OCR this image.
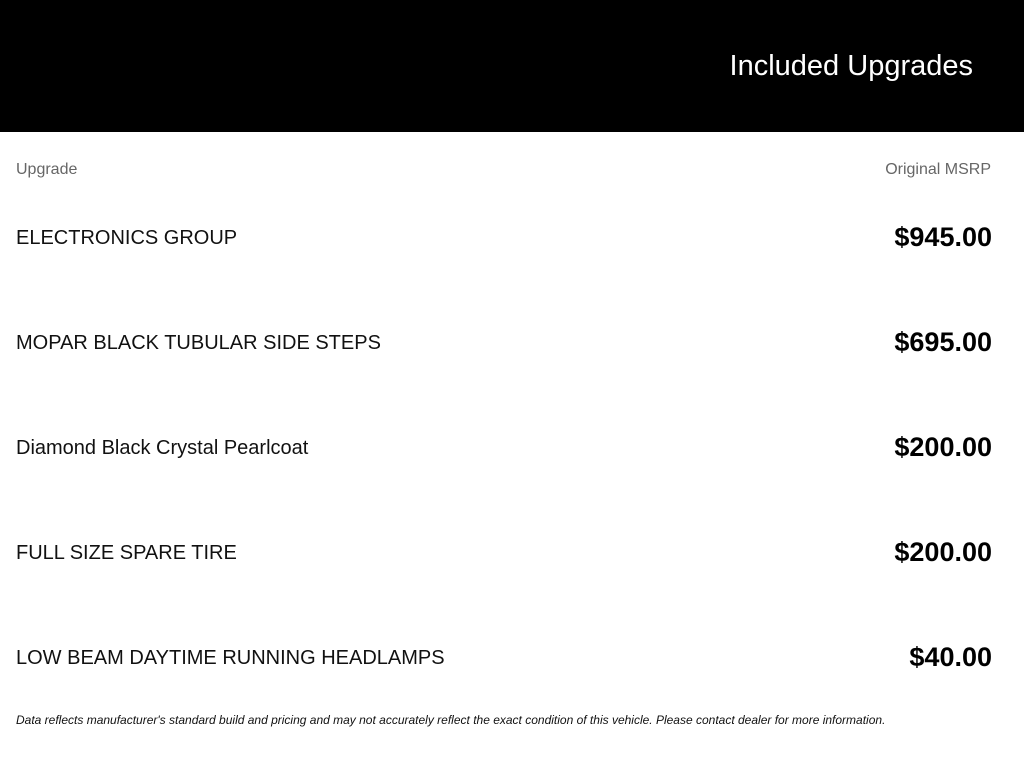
Included Upgrades
Upgrade	Original MSRP
ELECTRONICS GROUP	$945.00
MOPAR BLACK TUBULAR SIDE STEPS	$695.00
Diamond Black Crystal Pearlcoat	$200.00
FULL SIZE SPARE TIRE	$200.00
LOW BEAM DAYTIME RUNNING HEADLAMPS	$40.00

Data reflects manufacturer's standard build and pricing and may not accurately reflect the exact condition of this vehicle. Please contact dealer for more information.
